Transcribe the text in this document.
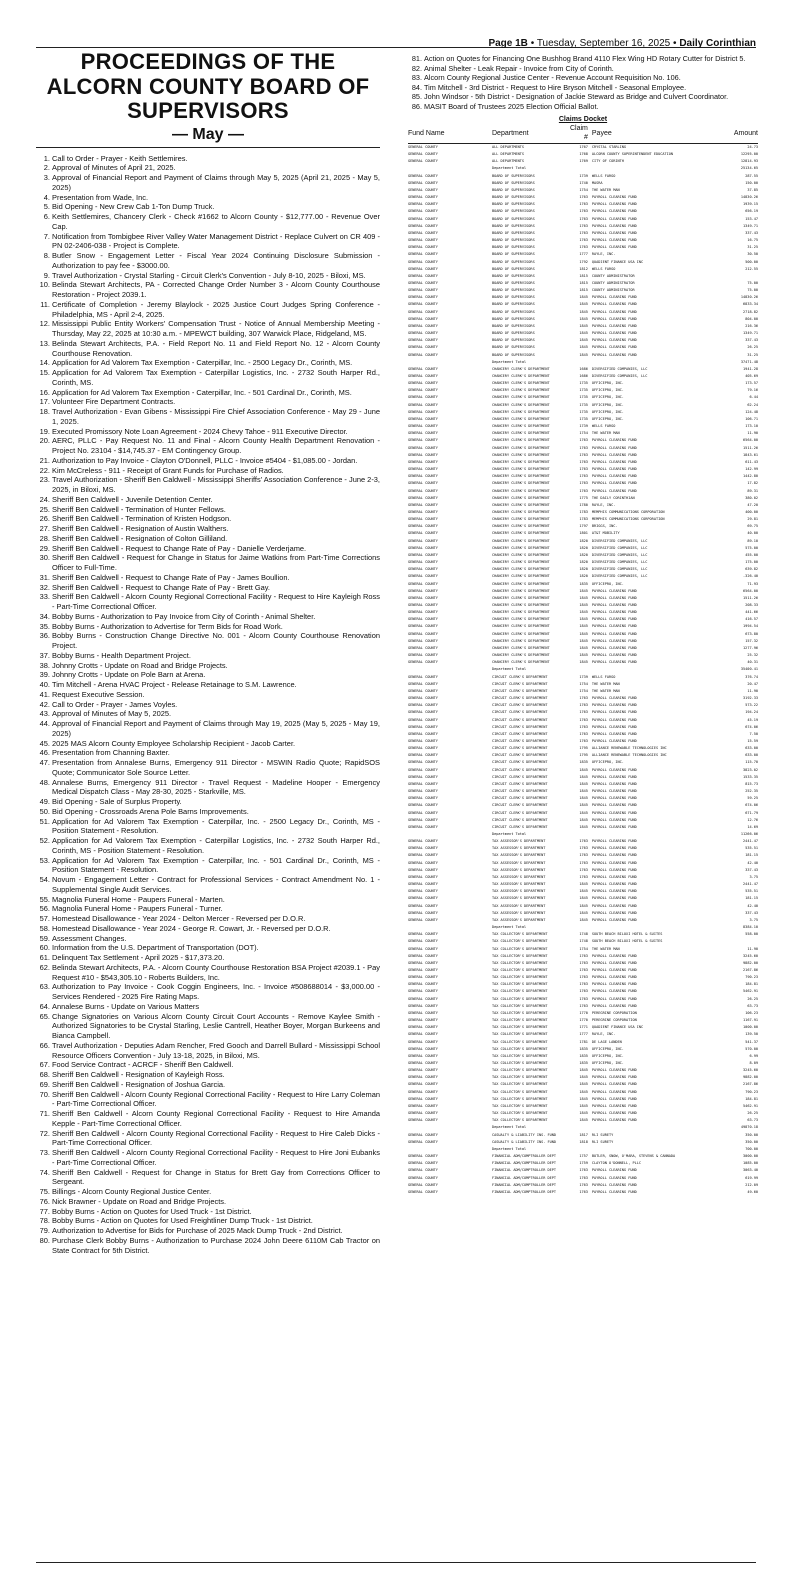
Page 1B • Tuesday, September 16, 2025 • Daily Corinthian
PROCEEDINGS OF THE ALCORN COUNTY BOARD OF SUPERVISORS
— May —
1. Call to Order - Prayer - Keith Settlemires.
2. Approval of Minutes of April 21, 2025.
3. Approval of Financial Report and Payment of Claims through May 5, 2025 (April 21, 2025 - May 5, 2025)
4. Presentation from Wade, Inc.
5. Bid Opening - New Crew Cab 1-Ton Dump Truck.
6. Keith Settlemires, Chancery Clerk - Check #1662 to Alcorn County - $12,777.00 - Revenue Over Cap.
7. Notification from Tombigbee River Valley Water Management District - Replace Culvert on CR 409 - PN 02-2406-038 - Project is Complete.
8. Butler Snow - Engagement Letter - Fiscal Year 2024 Continuing Disclosure Submission - Authorization to pay fee - $3000.00.
9. Travel Authorization - Crystal Starling - Circuit Clerk's Convention - July 8-10, 2025 - Biloxi, MS.
10. Belinda Stewart Architects, PA - Corrected Change Order Number 3 - Alcorn County Courthouse Restoration - Project 2039.1.
11. Certificate of Completion - Jeremy Blaylock - 2025 Justice Court Judges Spring Conference - Philadelphia, MS - April 2-4, 2025.
12. Mississippi Public Entity Workers' Compensation Trust - Notice of Annual Membership Meeting - Thursday, May 22, 2025 at 10:30 a.m. - MPEWCT building, 307 Warwick Place, Ridgeland, MS.
13. Belinda Stewart Architects, P.A. - Field Report No. 11 and Field Report No. 12 - Alcorn County Courthouse Renovation.
14. Application for Ad Valorem Tax Exemption - Caterpillar, Inc. - 2500 Legacy Dr., Corinth, MS.
15. Application for Ad Valorem Tax Exemption - Caterpillar Logistics, Inc. - 2732 South Harper Rd., Corinth, MS.
16. Application for Ad Valorem Tax Exemption - Caterpillar, Inc. - 501 Cardinal Dr., Corinth, MS.
17. Volunteer Fire Department Contracts.
18. Travel Authorization - Evan Gibens - Mississippi Fire Chief Association Conference - May 29 - June 1, 2025.
19. Executed Promissory Note Loan Agreement - 2024 Chevy Tahoe - 911 Executive Director.
20. AERC, PLLC - Pay Request No. 11 and Final - Alcorn County Health Department Renovation - Project No. 23104 - $14,745.37 - EM Contingency Group.
21. Authorization to Pay Invoice - Clayton O'Donnell, PLLC - Invoice #5404 - $1,085.00 - Jordan.
22. Kim McCreless - 911 - Receipt of Grant Funds for Purchase of Radios.
23. Travel Authorization - Sheriff Ben Caldwell - Mississippi Sheriffs' Association Conference - June 2-3, 2025, in Biloxi, MS.
24. Sheriff Ben Caldwell - Juvenile Detention Center.
25. Sheriff Ben Caldwell - Termination of Hunter Fellows.
26. Sheriff Ben Caldwell - Termination of Kristen Hodgson.
27. Sheriff Ben Caldwell - Resignation of Austin Walthers.
28. Sheriff Ben Caldwell - Resignation of Colton Gilliland.
29. Sheriff Ben Caldwell - Request to Change Rate of Pay - Danielle Verderjame.
30. Sheriff Ben Caldwell - Request for Change in Status for Jaime Watkins from Part-Time Corrections Officer to Full-Time.
31. Sheriff Ben Caldwell - Request to Change Rate of Pay - James Boullion.
32. Sheriff Ben Caldwell - Request to Change Rate of Pay - Brett Gay.
33. Sheriff Ben Caldwell - Alcorn County Regional Correctional Facility - Request to Hire Kayleigh Ross - Part-Time Correctional Officer.
34. Bobby Burns - Authorization to Pay Invoice from City of Corinth - Animal Shelter.
35. Bobby Burns - Authorization to Advertise for Term Bids for Road Work.
36. Bobby Burns - Construction Change Directive No. 001 - Alcorn County Courthouse Renovation Project.
37. Bobby Burns - Health Department Project.
38. Johnny Crotts - Update on Road and Bridge Projects.
39. Johnny Crotts - Update on Pole Barn at Arena.
40. Tim Mitchell - Arena HVAC Project - Release Retainage to S.M. Lawrence.
41. Request Executive Session.
42. Call to Order - Prayer - James Voyles.
43. Approval of Minutes of May 5, 2025.
44. Approval of Financial Report and Payment of Claims through May 19, 2025 (May 5, 2025 - May 19, 2025)
45. 2025 MAS Alcorn County Employee Scholarship Recipient - Jacob Carter.
46. Presentation from Channing Baxter.
47. Presentation from Annalese Burns, Emergency 911 Director - MSWIN Radio Quote; RapidSOS Quote; Communicator Sole Source Letter.
48. Annalese Burns, Emergency 911 Director - Travel Request - Madeline Hooper - Emergency Medical Dispatch Class - May 28-30, 2025 - Starkville, MS.
49. Bid Opening - Sale of Surplus Property.
50. Bid Opening - Crossroads Arena Pole Barns Improvements.
51. Application for Ad Valorem Tax Exemption - Caterpillar, Inc. - 2500 Legacy Dr., Corinth, MS -Position Statement - Resolution.
52. Application for Ad Valorem Tax Exemption - Caterpillar Logistics, Inc. - 2732 South Harper Rd., Corinth, MS - Position Statement - Resolution.
53. Application for Ad Valorem Tax Exemption - Caterpillar, Inc. - 501 Cardinal Dr., Corinth, MS - Position Statement - Resolution.
54. Novum - Engagement Letter - Contract for Professional Services - Contract Amendment No. 1 - Supplemental Single Audit Services.
55. Magnolia Funeral Home - Paupers Funeral - Marten.
56. Magnolia Funeral Home - Paupers Funeral - Turner.
57. Homestead Disallowance - Year 2024 - Delton Mercer - Reversed per D.O.R.
58. Homestead Disallowance - Year 2024 - George R. Cowart, Jr. - Reversed per D.O.R.
59. Assessment Changes.
60. Information from the U.S. Department of Transportation (DOT).
61. Delinquent Tax Settlement - April 2025 - $17,373.20.
62. Belinda Stewart Architects, P.A. - Alcorn County Courthouse Restoration BSA Project #2039.1 - Pay Request #10 - $543,305.10 - Roberts Builders, Inc.
63. Authorization to Pay Invoice - Cook Coggin Engineers, Inc. - Invoice #508688014 - $3,000.00 - Services Rendered - 2025 Fire Rating Maps.
64. Annalese Burns - Update on Various Matters
65. Change Signatories on Various Alcorn County Circuit Court Accounts - Remove Kaylee Smith - Authorized Signatories to be Crystal Starling, Leslie Cantrell, Heather Boyer, Morgan Burkeens and Bianca Campbell.
66. Travel Authorization - Deputies Adam Rencher, Fred Gooch and Darrell Bullard - Mississippi School Resource Officers Convention - July 13-18, 2025, in Biloxi, MS.
67. Food Service Contract - ACRCF - Sheriff Ben Caldwell.
68. Sheriff Ben Caldwell - Resignation of Kayleigh Ross.
69. Sheriff Ben Caldwell - Resignation of Joshua Garcia.
70. Sheriff Ben Caldwell - Alcorn County Regional Correctional Facility - Request to Hire Larry Coleman - Part-Time Correctional Officer.
71. Sheriff Ben Caldwell - Alcorn County Regional Correctional Facility - Request to Hire Amanda Kepple - Part-Time Correctional Officer.
72. Sheriff Ben Caldwell - Alcorn County Regional Correctional Facility - Request to Hire Caleb Dicks - Part-Time Correctional Officer.
73. Sheriff Ben Caldwell - Alcorn County Regional Correctional Facility - Request to Hire Joni Eubanks - Part-Time Correctional Officer.
74. Sheriff Ben Caldwell - Request for Change in Status for Brett Gay from Corrections Officer to Sergeant.
75. Billings - Alcorn County Regional Justice Center.
76. Nick Brawner - Update on Road and Bridge Projects.
77. Bobby Burns - Action on Quotes for Used Truck - 1st District.
78. Bobby Burns - Action on Quotes for Used Freightliner Dump Truck - 1st District.
79. Authorization to Advertise for Bids for Purchase of 2025 Mack Dump Truck - 2nd District.
80. Purchase Clerk Bobby Burns - Authorization to Purchase 2024 John Deere 6110M Cab Tractor on State Contract for 5th District.
81. Action on Quotes for Financing One Bushhog Brand 4110 Flex Wing HD Rotary Cutter for District 5.
82. Animal Shelter - Leak Repair - Invoice from City of Corinth.
83. Alcorn County Regional Justice Center - Revenue Account Requisition No. 106.
84. Tim Mitchell - 3rd District - Request to Hire Bryson Mitchell - Seasonal Employee.
85. John Windsor - 5th District - Designation of Jackie Steward as Bridge and Culvert Coordinator.
86. MASIT Board of Trustees 2025 Election Official Ballot.
Claims Docket
Fund Name	Department	Claim #	Payee	Amount
GENERAL COUNTY	ALL DEPARTMENTS	1767	CRYSTAL STARLING	24.73
GENERAL COUNTY	ALL DEPARTMENTS	1768	ALCORN COUNTY SUPERINTENDENT EDUCATION	12295.00
GENERAL COUNTY	ALL DEPARTMENTS	1769	CITY OF CORINTH	12814.93
	Department Total			25134.65
GENERAL COUNTY	BOARD OF SUPERVISORS	1739	WELLS FARGO	287.55
GENERAL COUNTY	BOARD OF SUPERVISORS	1740	MASRA	150.00
GENERAL COUNTY	BOARD OF SUPERVISORS	1754	THE WATER MAN	37.85
GENERAL COUNTY	BOARD OF SUPERVISORS	1763	PAYROLL CLEARING FUND	14830.26
GENERAL COUNTY	BOARD OF SUPERVISORS	1763	PAYROLL CLEARING FUND	1939.15
GENERAL COUNTY	BOARD OF SUPERVISORS	1763	PAYROLL CLEARING FUND	656.19
GENERAL COUNTY	BOARD OF SUPERVISORS	1763	PAYROLL CLEARING FUND	153.47
GENERAL COUNTY	BOARD OF SUPERVISORS	1763	PAYROLL CLEARING FUND	1349.71
GENERAL COUNTY	BOARD OF SUPERVISORS	1763	PAYROLL CLEARING FUND	337.43
GENERAL COUNTY	BOARD OF SUPERVISORS	1763	PAYROLL CLEARING FUND	16.75
GENERAL COUNTY	BOARD OF SUPERVISORS	1763	PAYROLL CLEARING FUND	31.25
GENERAL COUNTY	BOARD OF SUPERVISORS	1777	RAYLE, INC.	30.50
GENERAL COUNTY	BOARD OF SUPERVISORS	1792	QUADIENT FINANCE USA INC	500.00
GENERAL COUNTY	BOARD OF SUPERVISORS	1812	WELLS FARGO	212.55
GENERAL COUNTY	BOARD OF SUPERVISORS	1815	COUNTY ADMINISTRATOR	
GENERAL COUNTY	BOARD OF SUPERVISORS	1815	COUNTY ADMINISTRATOR	75.00
GENERAL COUNTY	BOARD OF SUPERVISORS	1815	COUNTY ADMINISTRATOR	75.00
GENERAL COUNTY	BOARD OF SUPERVISORS	1845	PAYROLL CLEARING FUND	14830.26
GENERAL COUNTY	BOARD OF SUPERVISORS	1845	PAYROLL CLEARING FUND	6833.34
GENERAL COUNTY	BOARD OF SUPERVISORS	1845	PAYROLL CLEARING FUND	2718.82
GENERAL COUNTY	BOARD OF SUPERVISORS	1845	PAYROLL CLEARING FUND	804.00
GENERAL COUNTY	BOARD OF SUPERVISORS	1845	PAYROLL CLEARING FUND	216.36
GENERAL COUNTY	BOARD OF SUPERVISORS	1845	PAYROLL CLEARING FUND	1349.71
GENERAL COUNTY	BOARD OF SUPERVISORS	1845	PAYROLL CLEARING FUND	337.43
GENERAL COUNTY	BOARD OF SUPERVISORS	1845	PAYROLL CLEARING FUND	26.25
GENERAL COUNTY	BOARD OF SUPERVISORS	1845	PAYROLL CLEARING FUND	31.25
	Department Total			37471.48
GENERAL COUNTY	CHANCERY CLERK'S DEPARTMENT	1686	DIVERSIFIED COMPANIES, LLC	1941.28
GENERAL COUNTY	CHANCERY CLERK'S DEPARTMENT	1686	DIVERSIFIED COMPANIES, LLC	405.69
GENERAL COUNTY	CHANCERY CLERK'S DEPARTMENT	1735	OFFICEPRO, INC.	173.57
GENERAL COUNTY	CHANCERY CLERK'S DEPARTMENT	1735	OFFICEPRO, INC.	79.16
GENERAL COUNTY	CHANCERY CLERK'S DEPARTMENT	1735	OFFICEPRO, INC.	6.44
GENERAL COUNTY	CHANCERY CLERK'S DEPARTMENT	1735	OFFICEPRO, INC.	62.24
GENERAL COUNTY	CHANCERY CLERK'S DEPARTMENT	1735	OFFICEPRO, INC.	124.48
GENERAL COUNTY	CHANCERY CLERK'S DEPARTMENT	1735	OFFICEPRO, INC.	106.71
GENERAL COUNTY	CHANCERY CLERK'S DEPARTMENT	1739	WELLS FARGO	173.10
GENERAL COUNTY	CHANCERY CLERK'S DEPARTMENT	1754	THE WATER MAN	11.90
GENERAL COUNTY	CHANCERY CLERK'S DEPARTMENT	1763	PAYROLL CLEARING FUND	6564.00
GENERAL COUNTY	CHANCERY CLERK'S DEPARTMENT	1763	PAYROLL CLEARING FUND	1511.26
GENERAL COUNTY	CHANCERY CLERK'S DEPARTMENT	1763	PAYROLL CLEARING FUND	1843.61
GENERAL COUNTY	CHANCERY CLERK'S DEPARTMENT	1763	PAYROLL CLEARING FUND	611.43
GENERAL COUNTY	CHANCERY CLERK'S DEPARTMENT	1763	PAYROLL CLEARING FUND	142.99
GENERAL COUNTY	CHANCERY CLERK'S DEPARTMENT	1763	PAYROLL CLEARING FUND	1442.80
GENERAL COUNTY	CHANCERY CLERK'S DEPARTMENT	1763	PAYROLL CLEARING FUND	17.82
GENERAL COUNTY	CHANCERY CLERK'S DEPARTMENT	1763	PAYROLL CLEARING FUND	89.31
GENERAL COUNTY	CHANCERY CLERK'S DEPARTMENT	1775	THE DAILY CORINTHIAN	380.02
GENERAL COUNTY	CHANCERY CLERK'S DEPARTMENT	1780	RAYLE, INC.	47.20
GENERAL COUNTY	CHANCERY CLERK'S DEPARTMENT	1783	MEMPHIS COMMUNICATIONS CORPORATION	400.00
GENERAL COUNTY	CHANCERY CLERK'S DEPARTMENT	1783	MEMPHIS COMMUNICATIONS CORPORATION	29.81
GENERAL COUNTY	CHANCERY CLERK'S DEPARTMENT	1797	BRIGGS, INC.	69.75
GENERAL COUNTY	CHANCERY CLERK'S DEPARTMENT	1801	AT&T MOBILITY	40.00
GENERAL COUNTY	CHANCERY CLERK'S DEPARTMENT	1820	DIVERSIFIED COMPANIES, LLC	89.10
GENERAL COUNTY	CHANCERY CLERK'S DEPARTMENT	1820	DIVERSIFIED COMPANIES, LLC	575.00
GENERAL COUNTY	CHANCERY CLERK'S DEPARTMENT	1820	DIVERSIFIED COMPANIES, LLC	455.00
GENERAL COUNTY	CHANCERY CLERK'S DEPARTMENT	1820	DIVERSIFIED COMPANIES, LLC	175.00
GENERAL COUNTY	CHANCERY CLERK'S DEPARTMENT	1820	DIVERSIFIED COMPANIES, LLC	639.82
GENERAL COUNTY	CHANCERY CLERK'S DEPARTMENT	1820	DIVERSIFIED COMPANIES, LLC	-326.40
GENERAL COUNTY	CHANCERY CLERK'S DEPARTMENT	1835	OFFICEPRO, INC.	71.93
GENERAL COUNTY	CHANCERY CLERK'S DEPARTMENT	1845	PAYROLL CLEARING FUND	6564.00
GENERAL COUNTY	CHANCERY CLERK'S DEPARTMENT	1845	PAYROLL CLEARING FUND	1511.26
GENERAL COUNTY	CHANCERY CLERK'S DEPARTMENT	1845	PAYROLL CLEARING FUND	208.33
GENERAL COUNTY	CHANCERY CLERK'S DEPARTMENT	1845	PAYROLL CLEARING FUND	441.66
GENERAL COUNTY	CHANCERY CLERK'S DEPARTMENT	1845	PAYROLL CLEARING FUND	416.57
GENERAL COUNTY	CHANCERY CLERK'S DEPARTMENT	1845	PAYROLL CLEARING FUND	1994.54
GENERAL COUNTY	CHANCERY CLERK'S DEPARTMENT	1845	PAYROLL CLEARING FUND	673.80
GENERAL COUNTY	CHANCERY CLERK'S DEPARTMENT	1845	PAYROLL CLEARING FUND	157.32
GENERAL COUNTY	CHANCERY CLERK'S DEPARTMENT	1845	PAYROLL CLEARING FUND	1277.96
GENERAL COUNTY	CHANCERY CLERK'S DEPARTMENT	1845	PAYROLL CLEARING FUND	25.32
GENERAL COUNTY	CHANCERY CLERK'S DEPARTMENT	1845	PAYROLL CLEARING FUND	40.31
	Department Total			35400.41
GENERAL COUNTY	CIRCUIT CLERK'S DEPARTMENT	1739	WELLS FARGO	376.74
GENERAL COUNTY	CIRCUIT CLERK'S DEPARTMENT	1754	THE WATER MAN	20.47
GENERAL COUNTY	CIRCUIT CLERK'S DEPARTMENT	1754	THE WATER MAN	11.90
GENERAL COUNTY	CIRCUIT CLERK'S DEPARTMENT	1763	PAYROLL CLEARING FUND	3192.33
GENERAL COUNTY	CIRCUIT CLERK'S DEPARTMENT	1763	PAYROLL CLEARING FUND	573.22
GENERAL COUNTY	CIRCUIT CLERK'S DEPARTMENT	1763	PAYROLL CLEARING FUND	194.24
GENERAL COUNTY	CIRCUIT CLERK'S DEPARTMENT	1763	PAYROLL CLEARING FUND	45.19
GENERAL COUNTY	CIRCUIT CLERK'S DEPARTMENT	1763	PAYROLL CLEARING FUND	674.06
GENERAL COUNTY	CIRCUIT CLERK'S DEPARTMENT	1763	PAYROLL CLEARING FUND	7.50
GENERAL COUNTY	CIRCUIT CLERK'S DEPARTMENT	1763	PAYROLL CLEARING FUND	15.59
GENERAL COUNTY	CIRCUIT CLERK'S DEPARTMENT	1795	ALLIANCE RENEWABLE TECHNOLOGIES INC	633.00
GENERAL COUNTY	CIRCUIT CLERK'S DEPARTMENT	1795	ALLIANCE RENEWABLE TECHNOLOGIES INC	633.00
GENERAL COUNTY	CIRCUIT CLERK'S DEPARTMENT	1835	OFFICEPRO, INC.	115.70
GENERAL COUNTY	CIRCUIT CLERK'S DEPARTMENT	1845	PAYROLL CLEARING FUND	3823.02
GENERAL COUNTY	CIRCUIT CLERK'S DEPARTMENT	1845	PAYROLL CLEARING FUND	1533.35
GENERAL COUNTY	CIRCUIT CLERK'S DEPARTMENT	1845	PAYROLL CLEARING FUND	815.73
GENERAL COUNTY	CIRCUIT CLERK'S DEPARTMENT	1845	PAYROLL CLEARING FUND	252.35
GENERAL COUNTY	CIRCUIT CLERK'S DEPARTMENT	1845	PAYROLL CLEARING FUND	59.25
GENERAL COUNTY	CIRCUIT CLERK'S DEPARTMENT	1845	PAYROLL CLEARING FUND	674.06
GENERAL COUNTY	CIRCUIT CLERK'S DEPARTMENT	1845	PAYROLL CLEARING FUND	671.79
GENERAL COUNTY	CIRCUIT CLERK'S DEPARTMENT	1845	PAYROLL CLEARING FUND	12.76
GENERAL COUNTY	CIRCUIT CLERK'S DEPARTMENT	1845	PAYROLL CLEARING FUND	14.69
	Department Total			11266.06
GENERAL COUNTY	TAX ASSESSOR'S DEPARTMENT	1763	PAYROLL CLEARING FUND	2441.47
GENERAL COUNTY	TAX ASSESSOR'S DEPARTMENT	1763	PAYROLL CLEARING FUND	535.51
GENERAL COUNTY	TAX ASSESSOR'S DEPARTMENT	1763	PAYROLL CLEARING FUND	181.15
GENERAL COUNTY	TAX ASSESSOR'S DEPARTMENT	1763	PAYROLL CLEARING FUND	42.40
GENERAL COUNTY	TAX ASSESSOR'S DEPARTMENT	1763	PAYROLL CLEARING FUND	337.43
GENERAL COUNTY	TAX ASSESSOR'S DEPARTMENT	1763	PAYROLL CLEARING FUND	3.75
GENERAL COUNTY	TAX ASSESSOR'S DEPARTMENT	1845	PAYROLL CLEARING FUND	2441.47
GENERAL COUNTY	TAX ASSESSOR'S DEPARTMENT	1845	PAYROLL CLEARING FUND	535.51
GENERAL COUNTY	TAX ASSESSOR'S DEPARTMENT	1845	PAYROLL CLEARING FUND	181.15
GENERAL COUNTY	TAX ASSESSOR'S DEPARTMENT	1845	PAYROLL CLEARING FUND	42.40
GENERAL COUNTY	TAX ASSESSOR'S DEPARTMENT	1845	PAYROLL CLEARING FUND	337.43
GENERAL COUNTY	TAX ASSESSOR'S DEPARTMENT	1845	PAYROLL CLEARING FUND	3.75
	Department Total			8384.10
GENERAL COUNTY	TAX COLLECTOR'S DEPARTMENT	1748	SOUTH BEACH BILOXI HOTEL & SUITES	558.00
GENERAL COUNTY	TAX COLLECTOR'S DEPARTMENT	1748	SOUTH BEACH BILOXI HOTEL & SUITES	
GENERAL COUNTY	TAX COLLECTOR'S DEPARTMENT	1754	THE WATER MAN	11.90
GENERAL COUNTY	TAX COLLECTOR'S DEPARTMENT	1763	PAYROLL CLEARING FUND	3245.60
GENERAL COUNTY	TAX COLLECTOR'S DEPARTMENT	1763	PAYROLL CLEARING FUND	9882.00
GENERAL COUNTY	TAX COLLECTOR'S DEPARTMENT	1763	PAYROLL CLEARING FUND	2167.86
GENERAL COUNTY	TAX COLLECTOR'S DEPARTMENT	1763	PAYROLL CLEARING FUND	790.23
GENERAL COUNTY	TAX COLLECTOR'S DEPARTMENT	1763	PAYROLL CLEARING FUND	184.81
GENERAL COUNTY	TAX COLLECTOR'S DEPARTMENT	1763	PAYROLL CLEARING FUND	5462.91
GENERAL COUNTY	TAX COLLECTOR'S DEPARTMENT	1763	PAYROLL CLEARING FUND	26.25
GENERAL COUNTY	TAX COLLECTOR'S DEPARTMENT	1763	PAYROLL CLEARING FUND	63.73
GENERAL COUNTY	TAX COLLECTOR'S DEPARTMENT	1770	PEREGRINE CORPORATION	106.23
GENERAL COUNTY	TAX COLLECTOR'S DEPARTMENT	1770	PEREGRINE CORPORATION	1167.91
GENERAL COUNTY	TAX COLLECTOR'S DEPARTMENT	1771	QUADIENT FINANCE USA INC	1000.00
GENERAL COUNTY	TAX COLLECTOR'S DEPARTMENT	1777	RAYLE, INC.	139.50
GENERAL COUNTY	TAX COLLECTOR'S DEPARTMENT	1781	DE LAGE LANDEN	541.37
GENERAL COUNTY	TAX COLLECTOR'S DEPARTMENT	1835	OFFICEPRO, INC.	570.00
GENERAL COUNTY	TAX COLLECTOR'S DEPARTMENT	1835	OFFICEPRO, INC.	6.99
GENERAL COUNTY	TAX COLLECTOR'S DEPARTMENT	1835	OFFICEPRO, INC.	8.09
GENERAL COUNTY	TAX COLLECTOR'S DEPARTMENT	1845	PAYROLL CLEARING FUND	3245.60
GENERAL COUNTY	TAX COLLECTOR'S DEPARTMENT	1845	PAYROLL CLEARING FUND	9882.00
GENERAL COUNTY	TAX COLLECTOR'S DEPARTMENT	1845	PAYROLL CLEARING FUND	2167.86
GENERAL COUNTY	TAX COLLECTOR'S DEPARTMENT	1845	PAYROLL CLEARING FUND	790.23
GENERAL COUNTY	TAX COLLECTOR'S DEPARTMENT	1845	PAYROLL CLEARING FUND	184.81
GENERAL COUNTY	TAX COLLECTOR'S DEPARTMENT	1845	PAYROLL CLEARING FUND	5462.91
GENERAL COUNTY	TAX COLLECTOR'S DEPARTMENT	1845	PAYROLL CLEARING FUND	26.25
GENERAL COUNTY	TAX COLLECTOR'S DEPARTMENT	1845	PAYROLL CLEARING FUND	63.73
	Department Total			49870.18
GENERAL COUNTY	CASUALTY & LIABILITY INS. FUND	1817	RLI SURETY	350.00
GENERAL COUNTY	CASUALTY & LIABILITY INS. FUND	1818	RLI SURETY	350.00
	Department Total			700.00
GENERAL COUNTY	FINANCIAL ADM/COMPTROLLER DEPT	1757	BUTLER, SNOW, O'MARA, STEVENS & CANNADA	3000.00
GENERAL COUNTY	FINANCIAL ADM/COMPTROLLER DEPT	1759	CLAYTON O'DONNELL, PLLC	1085.00
GENERAL COUNTY	FINANCIAL ADM/COMPTROLLER DEPT	1763	PAYROLL CLEARING FUND	3063.40
GENERAL COUNTY	FINANCIAL ADM/COMPTROLLER DEPT	1763	PAYROLL CLEARING FUND	619.99
GENERAL COUNTY	FINANCIAL ADM/COMPTROLLER DEPT	1763	PAYROLL CLEARING FUND	212.09
GENERAL COUNTY	FINANCIAL ADM/COMPTROLLER DEPT	1763	PAYROLL CLEARING FUND	49.60
